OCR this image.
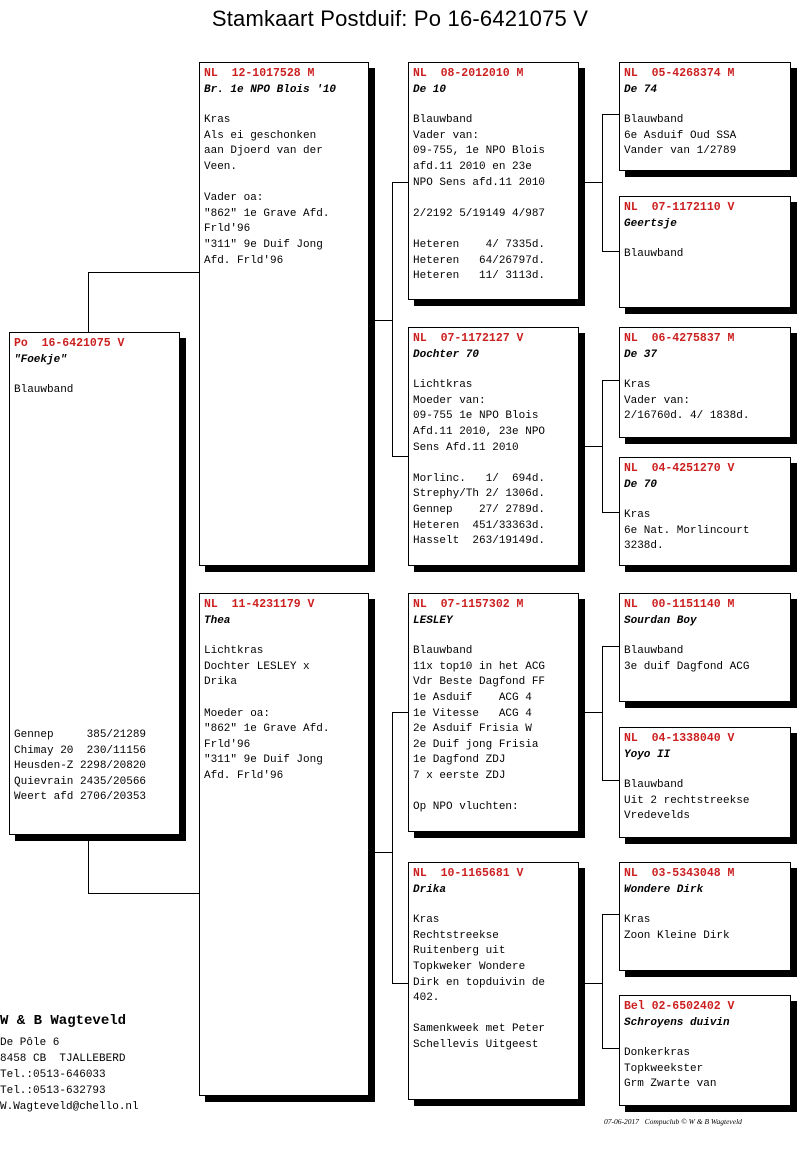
Stamkaart Postduif: Po 16-6421075 V
Po  16-6421075 V
"Foekje"
Blauwband
Gennep     385/21289
Chimay 20  230/11156
Heusden-Z 2298/20820
Quievrain 2435/20566
Weert afd 2706/20353
NL  12-1017528 M
Br. 1e NPO Blois '10
Kras
Als ei geschonken
aan Djoerd van der
Veen.

Vader oa:
"862" 1e Grave Afd.
Frld'96
"311" 9e Duif Jong
Afd. Frld'96
NL  11-4231179 V
Thea
Lichtkras
Dochter LESLEY x
Drika

Moeder oa:
"862" 1e Grave Afd.
Frld'96
"311" 9e Duif Jong
Afd. Frld'96
NL  08-2012010 M
De 10
Blauwband
Vader van:
09-755, 1e NPO Blois
afd.11 2010 en 23e
NPO Sens afd.11 2010

2/2192 5/19149 4/987

Heteren    4/ 7335d.
Heteren   64/26797d.
Heteren   11/ 3113d.
NL  07-1172127 V
Dochter 70
Lichtkras
Moeder van:
09-755 1e NPO Blois
Afd.11 2010, 23e NPO
Sens Afd.11 2010

Morlinc.   1/  694d.
Strephy/Th 2/ 1306d.
Gennep    27/ 2789d.
Heteren  451/33363d.
Hasselt  263/19149d.
NL  07-1157302 M
LESLEY
Blauwband
11x top10 in het ACG
Vdr Beste Dagfond FF
1e Asduif    ACG 4
1e Vitesse   ACG 4
2e Asduif Frisia W
2e Duif jong Frisia
1e Dagfond ZDJ
7 x eerste ZDJ

Op NPO vluchten:
NL  10-1165681 V
Drika
Kras
Rechtstreekse
Ruitenberg uit
Topkweker Wondere
Dirk en topduivin de
402.

Samenkweek met Peter
Schellevis Uitgeest
NL  05-4268374 M
De 74
Blauwband
6e Asduif Oud SSA
Vander van 1/2789
NL  07-1172110 V
Geertsje
Blauwband
NL  06-4275837 M
De 37
Kras
Vader van:
2/16760d. 4/ 1838d.
NL  04-4251270 V
De 70
Kras
6e Nat. Morlincourt
3238d.
NL  00-1151140 M
Sourdan Boy
Blauwband
3e duif Dagfond ACG
NL  04-1338040 V
Yoyo II
Blauwband
Uit 2 rechtstreekse
Vredevelds
NL  03-5343048 M
Wondere Dirk
Kras
Zoon Kleine Dirk
Bel 02-6502402 V
Schroyens duivin
Donkerkras
Topkweekster
Grm Zwarte van
W & B Wagteveld
De Pôle 6
8458 CB  TJALLEBERD
Tel.:0513-646033
Tel.:0513-632793
W.Wagteveld@chello.nl
07-06-2017   Compuclub © W & B Wagteveld
